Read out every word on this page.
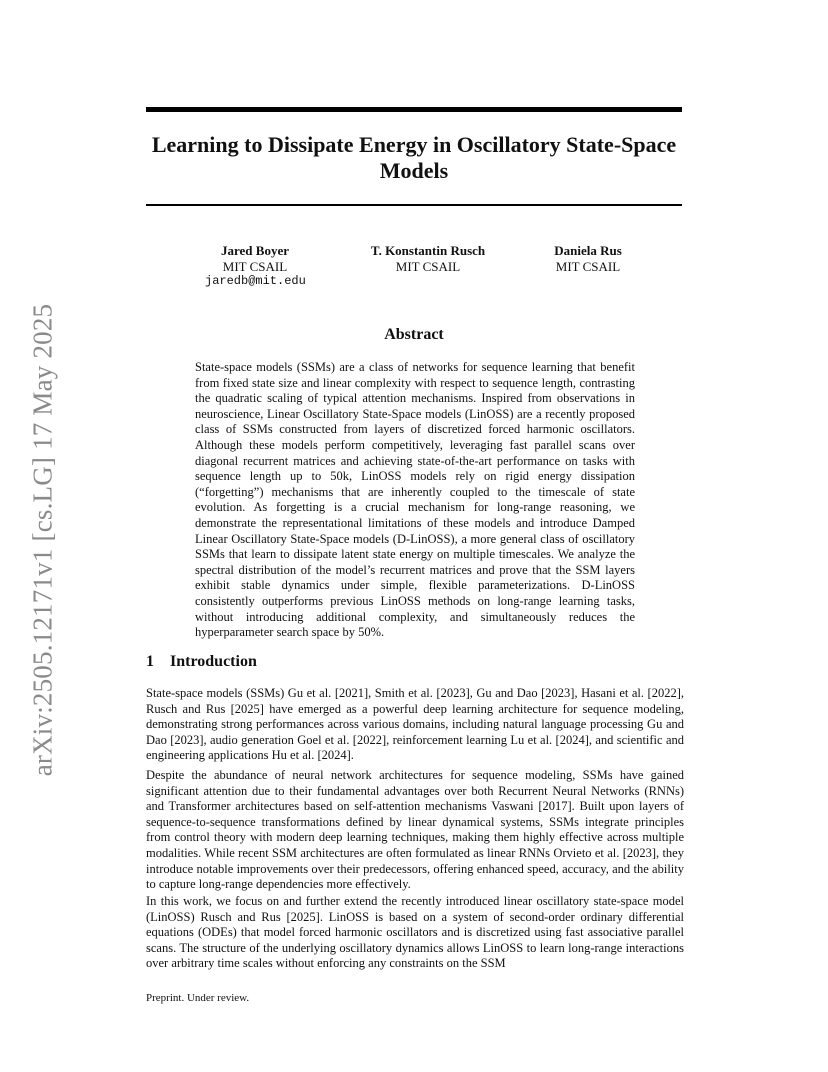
arXiv:2505.12171v1 [cs.LG] 17 May 2025
Learning to Dissipate Energy in Oscillatory State-Space Models
Jared Boyer
MIT CSAIL
jaredb@mit.edu
T. Konstantin Rusch
MIT CSAIL
Daniela Rus
MIT CSAIL
Abstract

State-space models (SSMs) are a class of networks for sequence learning that benefit from fixed state size and linear complexity with respect to sequence length, contrasting the quadratic scaling of typical attention mechanisms. Inspired from observations in neuroscience, Linear Oscillatory State-Space models (LinOSS) are a recently proposed class of SSMs constructed from layers of discretized forced harmonic oscillators. Although these models perform competitively, leveraging fast parallel scans over diagonal recurrent matrices and achieving state-of-the-art performance on tasks with sequence length up to 50k, LinOSS models rely on rigid energy dissipation (“forgetting”) mechanisms that are inherently coupled to the timescale of state evolution. As forgetting is a crucial mechanism for long-range reasoning, we demonstrate the representational limitations of these models and introduce Damped Linear Oscillatory State-Space models (D-LinOSS), a more general class of oscillatory SSMs that learn to dissipate latent state energy on multiple timescales. We analyze the spectral distribution of the model’s recurrent matrices and prove that the SSM layers exhibit stable dynamics under simple, flexible parameterizations. D-LinOSS consistently outperforms previous LinOSS methods on long-range learning tasks, without introducing additional complexity, and simultaneously reduces the hyperparameter search space by 50%.

1 Introduction

State-space models (SSMs) Gu et al. [2021], Smith et al. [2023], Gu and Dao [2023], Hasani et al. [2022], Rusch and Rus [2025] have emerged as a powerful deep learning architecture for sequence modeling, demonstrating strong performances across various domains, including natural language processing Gu and Dao [2023], audio generation Goel et al. [2022], reinforcement learning Lu et al. [2024], and scientific and engineering applications Hu et al. [2024].

Despite the abundance of neural network architectures for sequence modeling, SSMs have gained significant attention due to their fundamental advantages over both Recurrent Neural Networks (RNNs) and Transformer architectures based on self-attention mechanisms Vaswani [2017]. Built upon layers of sequence-to-sequence transformations defined by linear dynamical systems, SSMs integrate principles from control theory with modern deep learning techniques, making them highly effective across multiple modalities. While recent SSM architectures are often formulated as linear RNNs Orvieto et al. [2023], they introduce notable improvements over their predecessors, offering enhanced speed, accuracy, and the ability to capture long-range dependencies more effectively.

In this work, we focus on and further extend the recently introduced linear oscillatory state-space model (LinOSS) Rusch and Rus [2025]. LinOSS is based on a system of second-order ordinary differential equations (ODEs) that model forced harmonic oscillators and is discretized using fast associative parallel scans. The structure of the underlying oscillatory dynamics allows LinOSS to learn long-range interactions over arbitrary time scales without enforcing any constraints on the SSM

Preprint. Under review.
